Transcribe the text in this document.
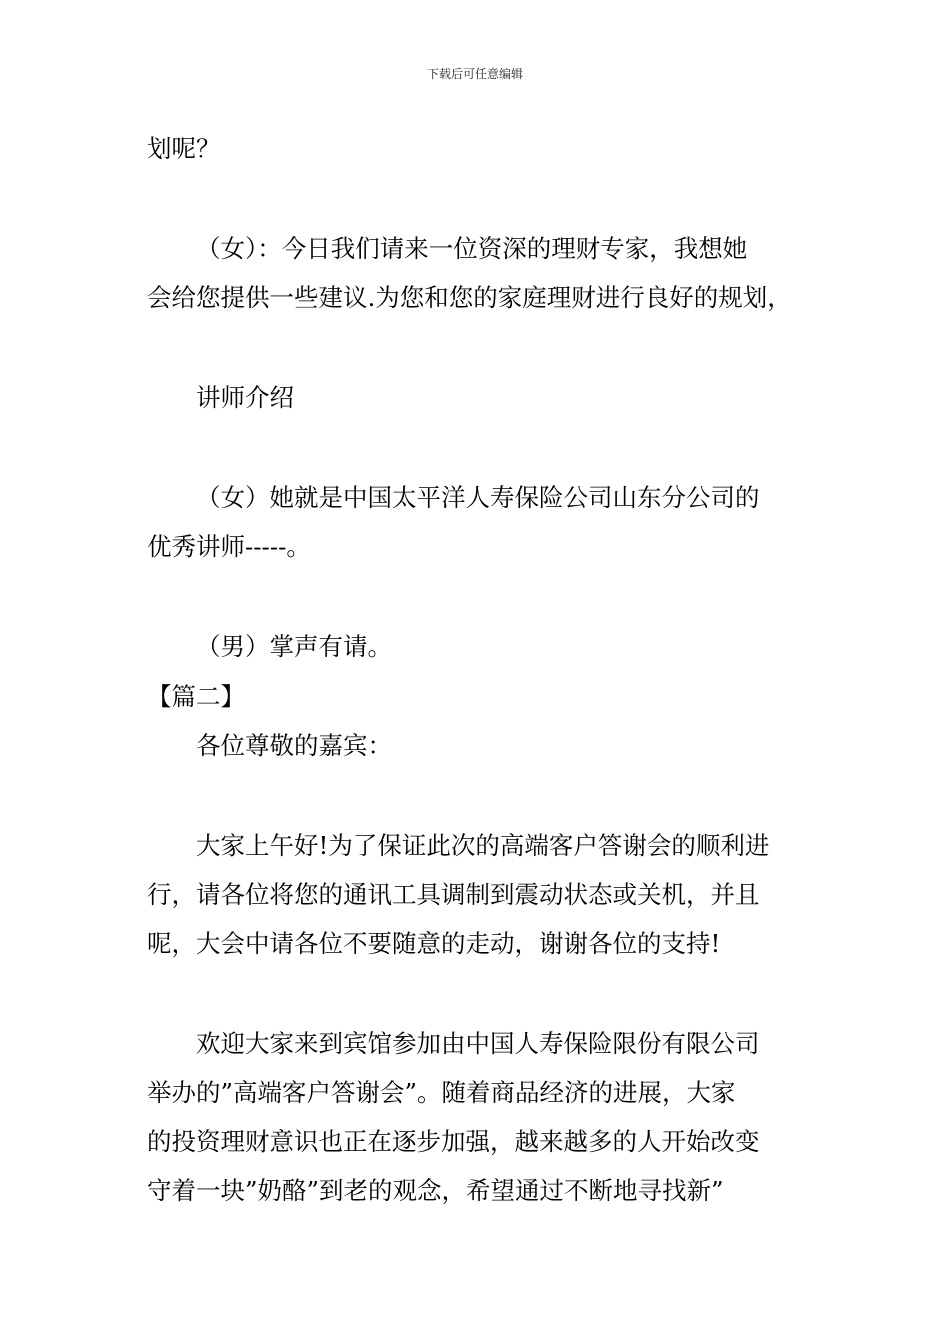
下载后可任意编辑
划呢？
（女）：今日我们请来一位资深的理财专家，我想她
会给您提供一些建议.为您和您的家庭理财进行良好的规划，
讲师介绍
（女）她就是中国太平洋人寿保险公司山东分公司的
优秀讲师-----。
（男）掌声有请。
【篇二】
各位尊敬的嘉宾：
大家上午好!为了保证此次的高端客户答谢会的顺利进
行，请各位将您的通讯工具调制到震动状态或关机，并且
呢，大会中请各位不要随意的走动，谢谢各位的支持!
欢迎大家来到宾馆参加由中国人寿保险限份有限公司
举办的”高端客户答谢会”。随着商品经济的进展，大家
的投资理财意识也正在逐步加强，越来越多的人开始改变
守着一块”奶酪”到老的观念，希望通过不断地寻找新”
